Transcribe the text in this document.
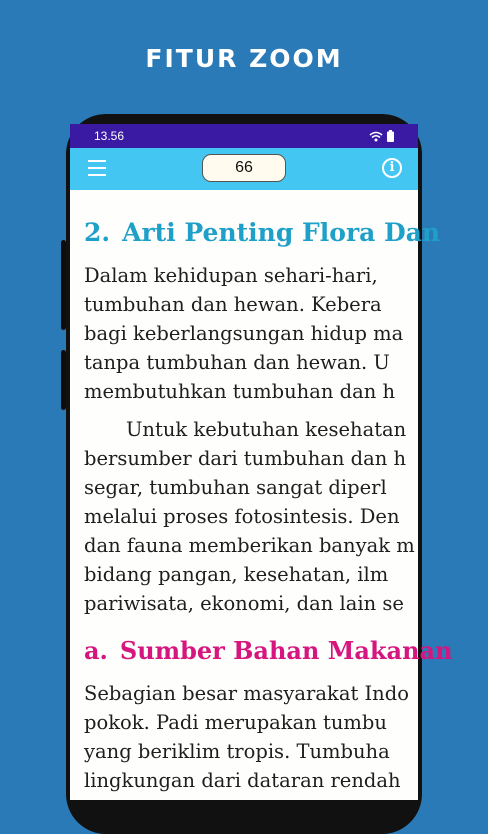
FITUR ZOOM
13.56
66	i
2. Arti Penting Flora Dan

Dalam kehidupan sehari-hari,

tumbuhan dan hewan. Kebera

bagi keberlangsungan hidup ma

tanpa tumbuhan dan hewan. U

membutuhkan tumbuhan dan h

Untuk kebutuhan kesehatan

bersumber dari tumbuhan dan h

segar, tumbuhan sangat diperl

melalui proses fotosintesis. Den

dan fauna memberikan banyak m

bidang pangan, kesehatan, ilm

pariwisata, ekonomi, dan lain se

a. Sumber Bahan Makanan

Sebagian besar masyarakat Indo

pokok. Padi merupakan tumbu

yang beriklim tropis. Tumbuha

lingkungan dari dataran rendah
